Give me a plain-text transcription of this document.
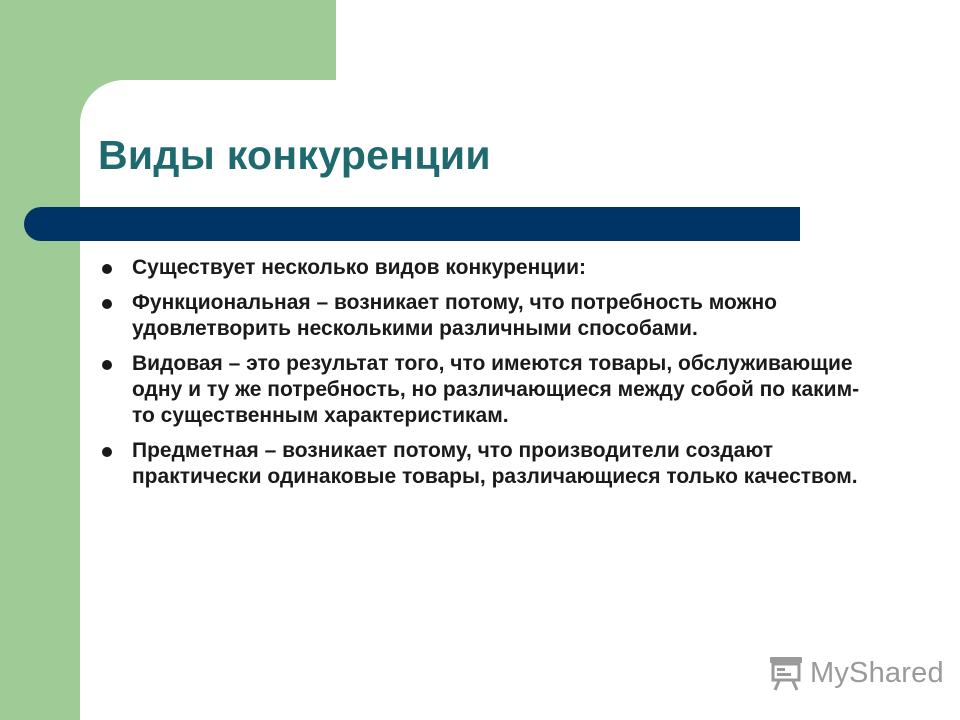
Виды конкуренции
Существует несколько видов конкуренции:
Функциональная – возникает потому, что потребность можно удовлетворить несколькими различными способами.
Видовая – это результат того, что имеются товары, обслуживающие одну и ту же потребность, но различающиеся между собой по каким-то существенным характеристикам.
Предметная – возникает потому, что производители создают практически одинаковые товары, различающиеся только качеством.
MyShared
